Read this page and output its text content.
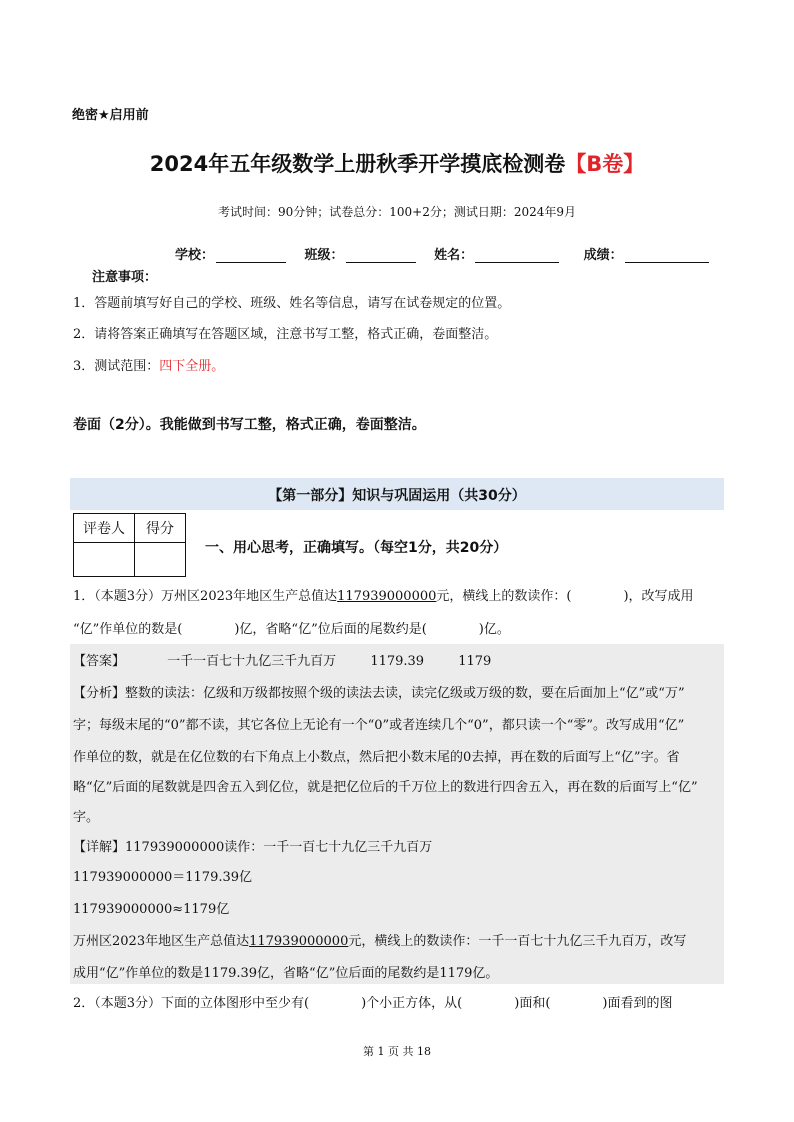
绝密★启用前
2024年五年级数学上册秋季开学摸底检测卷【B卷】
考试时间：90分钟；试卷总分：100+2分；测试日期：2024年9月
学校：	班级：	姓名：	成绩：
注意事项：
1．答题前填写好自己的学校、班级、姓名等信息，请写在试卷规定的位置。
2．请将答案正确填写在答题区域，注意书写工整，格式正确，卷面整洁。
3．测试范围：四下全册。
卷面（2分）。我能做到书写工整，格式正确，卷面整洁。
【第一部分】知识与巩固运用（共30分）
评卷人	得分

一、用心思考，正确填写。（每空1分，共20分）
1．（本题3分）万州区2023年地区生产总值达117939000000元，横线上的数读作：(　　　　)，改写成用
“亿”作单位的数是(　　　　)亿，省略“亿”位后面的尾数约是(　　　　)亿。
【答案】	一千一百七十九亿三千九百万	1179.39	1179
【分析】整数的读法：亿级和万级都按照个级的读法去读，读完亿级或万级的数，要在后面加上“亿”或“万”
字；每级末尾的“0”都不读，其它各位上无论有一个“0”或者连续几个“0”，都只读一个“零”。改写成用“亿”
作单位的数，就是在亿位数的右下角点上小数点，然后把小数末尾的0去掉，再在数的后面写上“亿”字。省
略“亿”后面的尾数就是四舍五入到亿位，就是把亿位后的千万位上的数进行四舍五入，再在数的后面写上“亿”
字。
【详解】117939000000读作：一千一百七十九亿三千九百万
117939000000＝1179.39亿
117939000000≈1179亿
万州区2023年地区生产总值达117939000000元，横线上的数读作：一千一百七十九亿三千九百万，改写
成用“亿”作单位的数是1179.39亿，省略“亿”位后面的尾数约是1179亿。
2．（本题3分）下面的立体图形中至少有(　　　　)个小正方体，从(　　　　)面和(　　　　)面看到的图
第 1 页 共 18
